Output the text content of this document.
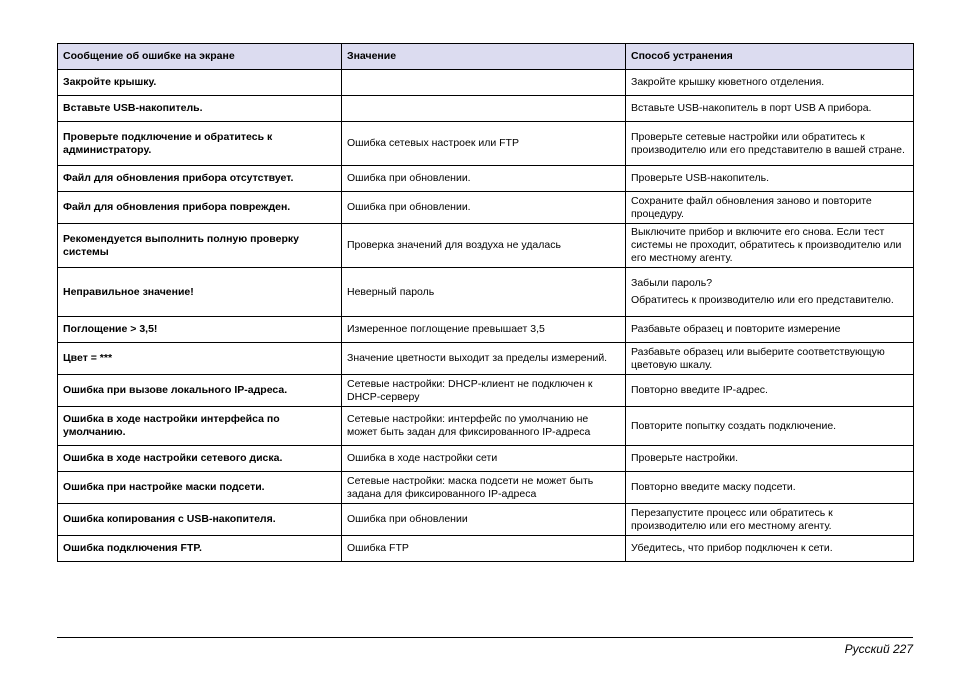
Сообщение об ошибке на экране	Значение	Способ устранения
Закройте крышку.		Закройте крышку кюветного отделения.

Вставьте USB-накопитель.		Вставьте USB-накопитель в порт USB A прибора.

Проверьте подключение и обратитесь к администратору.	Ошибка сетевых настроек или FTP	Проверьте сетевые настройки или обратитесь к производителю или его представителю в вашей стране.

Файл для обновления прибора отсутствует.	Ошибка при обновлении.	Проверьте USB-накопитель.

Файл для обновления прибора поврежден.	Ошибка при обновлении.	Сохраните файл обновления заново и повторите процедуру.

Рекомендуется выполнить полную проверку системы	Проверка значений для воздуха не удалась	Выключите прибор и включите его снова. Если тест системы не проходит, обратитесь к производителю или его местному агенту.

Неправильное значение!	Неверный пароль	Забыли пароль?
Обратитесь к производителю или его представителю.

Поглощение > 3,5!	Измеренное поглощение превышает 3,5	Разбавьте образец и повторите измерение

Цвет = ***	Значение цветности выходит за пределы измерений.	Разбавьте образец или выберите соответствующую цветовую шкалу.

Ошибка при вызове локального IP-адреса.	Сетевые настройки: DHCP-клиент не подключен к DHCP-серверу	Повторно введите IP-адрес.

Ошибка в ходе настройки интерфейса по умолчанию.	Сетевые настройки: интерфейс по умолчанию не может быть задан для фиксированного IP-адреса	Повторите попытку создать подключение.

Ошибка в ходе настройки сетевого диска.	Ошибка в ходе настройки сети	Проверьте настройки.

Ошибка при настройке маски подсети.	Сетевые настройки: маска подсети не может быть задана для фиксированного IP-адреса	Повторно введите маску подсети.

Ошибка копирования с USB-накопителя.	Ошибка при обновлении	Перезапустите процесс или обратитесь к производителю или его местному агенту.

Ошибка подключения FTP.	Ошибка FTP	Убедитесь, что прибор подключен к сети.
Русский 227
